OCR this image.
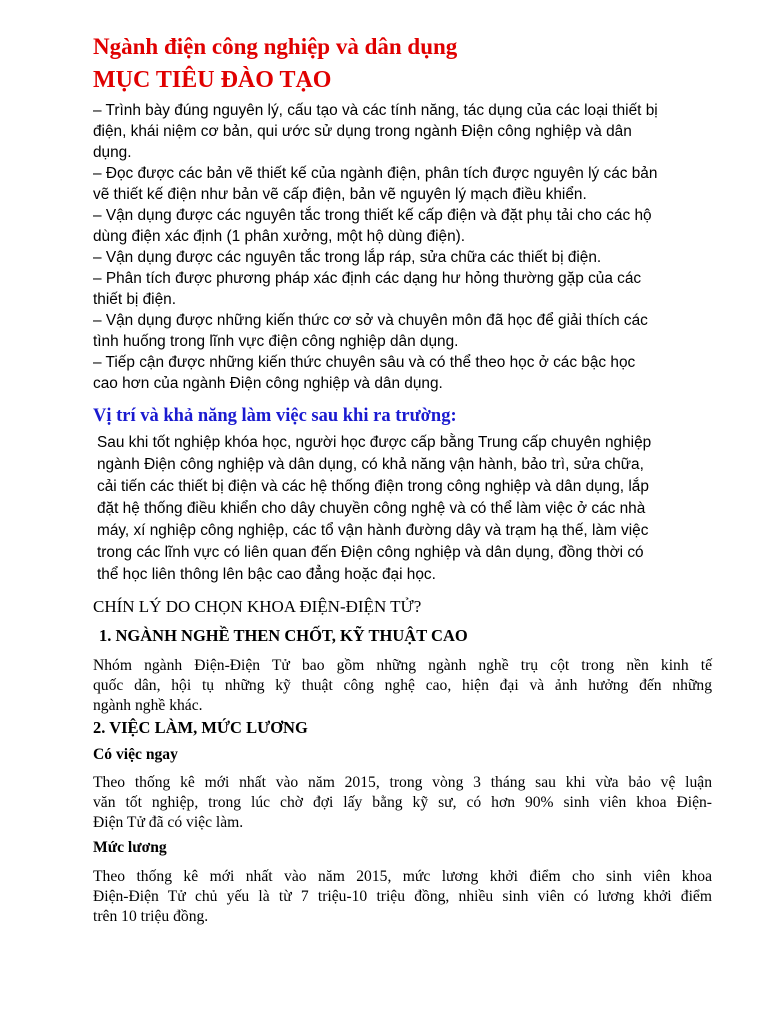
Ngành điện công nghiệp và dân dụng
MỤC TIÊU ĐÀO TẠO
– Trình bày đúng nguyên lý, cấu tạo và các tính năng, tác dụng của các loại thiết bị
điện, khái niệm cơ bản, qui ước sử dụng trong ngành Điện công nghiệp và dân
dụng.
– Đọc được các bản vẽ thiết kế của ngành điện, phân tích được nguyên lý các bản
vẽ thiết kế điện như bản vẽ cấp điện, bản vẽ nguyên lý mạch điều khiển.
– Vận dụng được các nguyên tắc trong thiết kế cấp điện và đặt phụ tải cho các hộ
dùng điện xác định (1 phân xưởng, một hộ dùng điện).
– Vận dụng được các nguyên tắc trong lắp ráp, sửa chữa các thiết bị điện.
– Phân tích được phương pháp xác định các dạng hư hỏng thường gặp của các
thiết bị điện.
– Vận dụng được những kiến thức cơ sở và chuyên môn đã học để giải thích các
tình huống trong lĩnh vực điện công nghiệp dân dụng.
– Tiếp cận được những kiến thức chuyên sâu và có thể theo học ở các bậc học
cao hơn của ngành Điện công nghiệp và dân dụng.
Vị trí và khả năng làm việc sau khi ra trường:
Sau khi tốt nghiệp khóa học, người học được cấp bằng Trung cấp chuyên nghiệp
ngành Điện công nghiệp và dân dụng, có khả năng vận hành, bảo trì, sửa chữa,
cải tiến các thiết bị điện và các hệ thống điện trong công nghiệp và dân dụng, lắp
đặt hệ thống điều khiển cho dây chuyền công nghệ và có thể làm việc ở các nhà
máy, xí nghiệp công nghiệp, các tổ vận hành đường dây và trạm hạ thế, làm việc
trong các lĩnh vực có liên quan đến Điện công nghiệp và dân dụng, đồng thời có
thể học liên thông lên bậc cao đẳng hoặc đại học.
CHÍN LÝ DO CHỌN KHOA ĐIỆN-ĐIỆN TỬ?
1. NGÀNH NGHỀ THEN CHỐT, KỸ THUẬT CAO
Nhóm ngành Điện-Điện Tử bao gồm những ngành nghề trụ cột trong nền kinh tế
quốc dân, hội tụ những kỹ thuật công nghệ cao, hiện đại và ảnh hưởng đến những
ngành nghề khác.
2. VIỆC LÀM, MỨC LƯƠNG
Có việc ngay
Theo thống kê mới nhất vào năm 2015, trong vòng 3 tháng sau khi vừa bảo vệ luận
văn tốt nghiệp, trong lúc chờ đợi lấy bằng kỹ sư, có hơn 90% sinh viên khoa Điện-
Điện Tử đã có việc làm.
Mức lương
Theo thống kê mới nhất vào năm 2015, mức lương khởi điểm cho sinh viên khoa
Điện-Điện Tử chủ yếu là từ 7 triệu-10 triệu đồng, nhiều sinh viên có lương khởi điểm
trên 10 triệu đồng.
